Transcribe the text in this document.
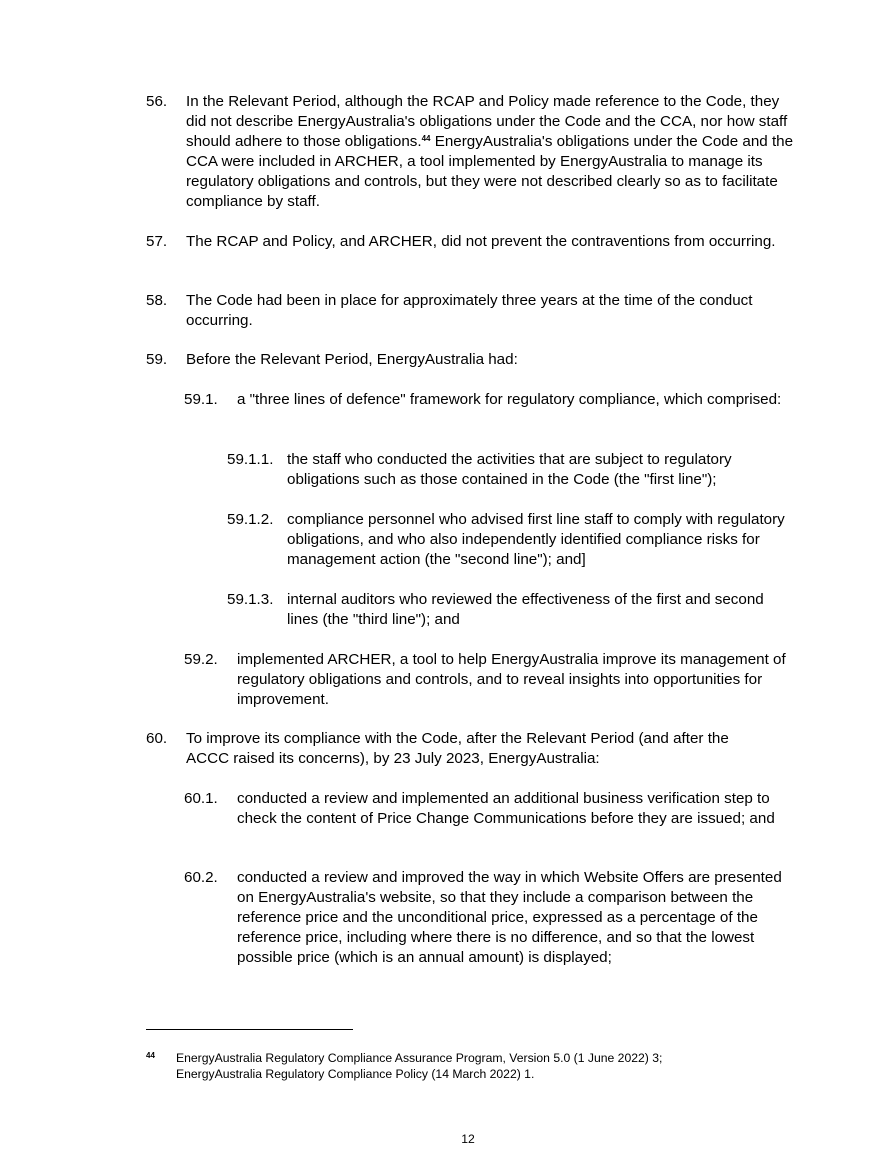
56. In the Relevant Period, although the RCAP and Policy made reference to the Code, they did not describe EnergyAustralia's obligations under the Code and the CCA, nor how staff should adhere to those obligations.$^{44}$ EnergyAustralia's obligations under the Code and the CCA were included in ARCHER, a tool implemented by EnergyAustralia to manage its regulatory obligations and controls, but they were not described clearly so as to facilitate compliance by staff.
57. The RCAP and Policy, and ARCHER, did not prevent the contraventions from occurring.
58. The Code had been in place for approximately three years at the time of the conduct occurring.
59. Before the Relevant Period, EnergyAustralia had:
59.1. a "three lines of defence" framework for regulatory compliance, which comprised:
59.1.1. the staff who conducted the activities that are subject to regulatory obligations such as those contained in the Code (the "first line");
59.1.2. compliance personnel who advised first line staff to comply with regulatory obligations, and who also independently identified compliance risks for management action (the "second line"); and]
59.1.3. internal auditors who reviewed the effectiveness of the first and second lines (the "third line"); and
59.2. implemented ARCHER, a tool to help EnergyAustralia improve its management of regulatory obligations and controls, and to reveal insights into opportunities for improvement.
60. To improve its compliance with the Code, after the Relevant Period (and after the ACCC raised its concerns), by 23 July 2023, EnergyAustralia:
60.1. conducted a review and implemented an additional business verification step to check the content of Price Change Communications before they are issued; and
60.2. conducted a review and improved the way in which Website Offers are presented on EnergyAustralia's website, so that they include a comparison between the reference price and the unconditional price, expressed as a percentage of the reference price, including where there is no difference, and so that the lowest possible price (which is an annual amount) is displayed;
44 EnergyAustralia Regulatory Compliance Assurance Program, Version 5.0 (1 June 2022) 3;
EnergyAustralia Regulatory Compliance Policy (14 March 2022) 1.
12
